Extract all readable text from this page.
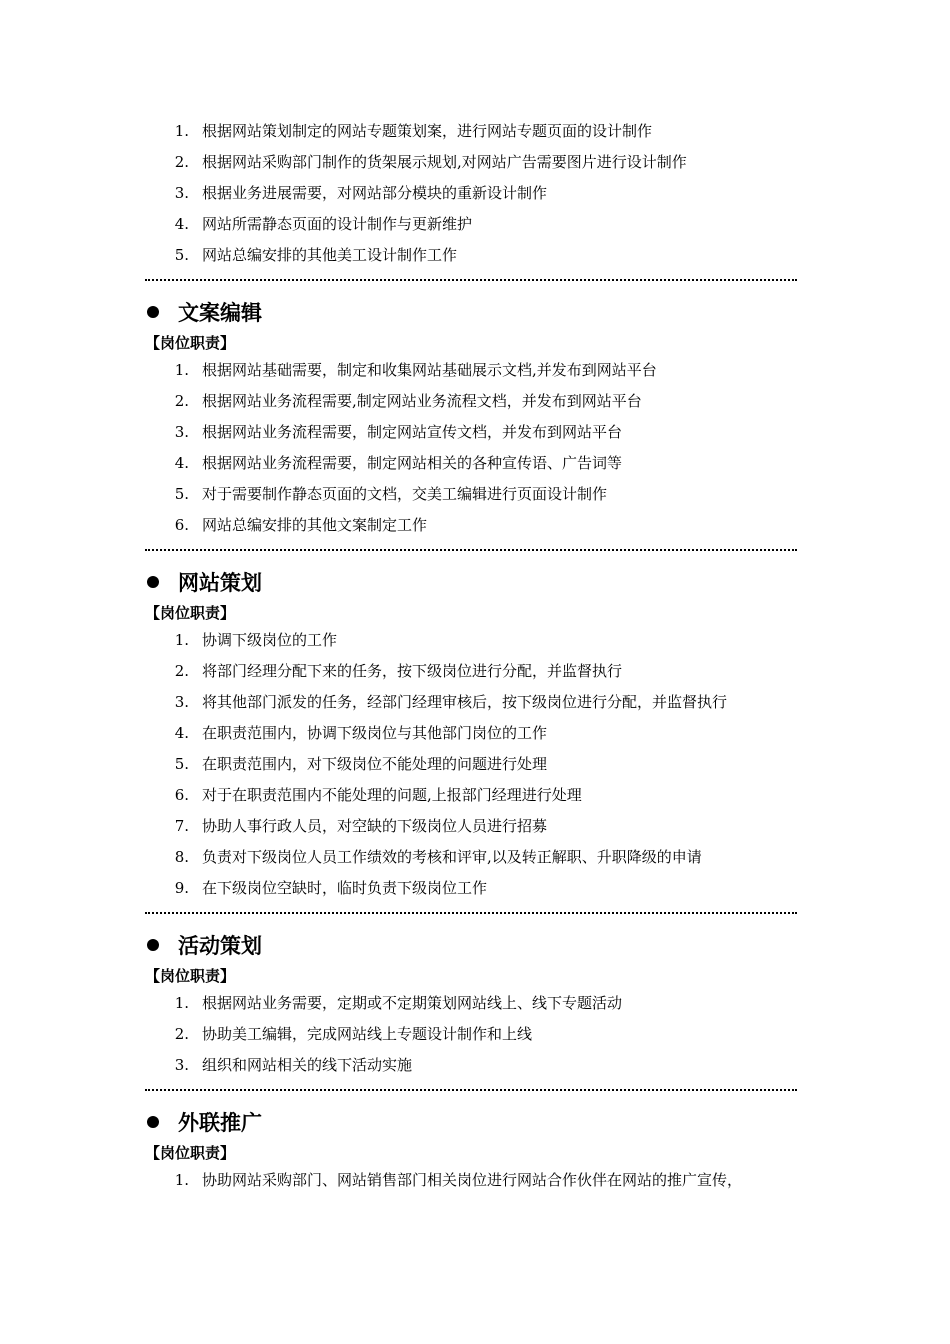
1. 根据网站策划制定的网站专题策划案，进行网站专题页面的设计制作
2. 根据网站采购部门制作的货架展示规划,对网站广告需要图片进行设计制作
3. 根据业务进展需要，对网站部分模块的重新设计制作
4. 网站所需静态页面的设计制作与更新维护
5. 网站总编安排的其他美工设计制作工作
文案编辑
【岗位职责】
1. 根据网站基础需要，制定和收集网站基础展示文档,并发布到网站平台
2. 根据网站业务流程需要,制定网站业务流程文档，并发布到网站平台
3. 根据网站业务流程需要，制定网站宣传文档，并发布到网站平台
4. 根据网站业务流程需要，制定网站相关的各种宣传语、广告词等
5. 对于需要制作静态页面的文档，交美工编辑进行页面设计制作
6. 网站总编安排的其他文案制定工作
网站策划
【岗位职责】
1. 协调下级岗位的工作
2. 将部门经理分配下来的任务，按下级岗位进行分配，并监督执行
3. 将其他部门派发的任务，经部门经理审核后，按下级岗位进行分配，并监督执行
4. 在职责范围内，协调下级岗位与其他部门岗位的工作
5. 在职责范围内，对下级岗位不能处理的问题进行处理
6. 对于在职责范围内不能处理的问题,上报部门经理进行处理
7. 协助人事行政人员，对空缺的下级岗位人员进行招募
8. 负责对下级岗位人员工作绩效的考核和评审,以及转正解职、升职降级的申请
9. 在下级岗位空缺时，临时负责下级岗位工作
活动策划
【岗位职责】
1. 根据网站业务需要，定期或不定期策划网站线上、线下专题活动
2. 协助美工编辑，完成网站线上专题设计制作和上线
3. 组织和网站相关的线下活动实施
外联推广
【岗位职责】
1. 协助网站采购部门、网站销售部门相关岗位进行网站合作伙伴在网站的推广宣传，
